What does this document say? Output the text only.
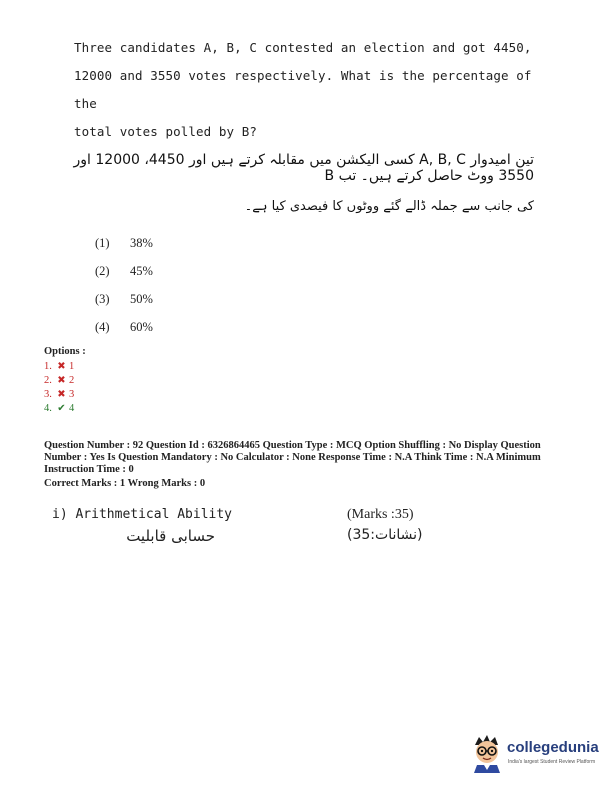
Three candidates A, B, C contested an election and got 4450,
12000 and 3550 votes respectively. What is the percentage of the
total votes polled by B?
تین امیدوار A, B, C کسی الیکشن میں مقابلہ کرتے ہیں اور 4450، 12000 اور 3550 ووٹ حاصل کرتے ہیں۔ تب B
کی جانب سے جملہ ڈالے گئے ووٹوں کا فیصدی کیا ہے۔
(1)	38%
(2)	45%
(3)	50%
(4)	60%
Options :
1. ✖ 1
2. ✖ 2
3. ✖ 3
4. ✔ 4

Question Number : 92 Question Id : 6326864465 Question Type : MCQ Option Shuffling : No Display Question Number : Yes Is Question Mandatory : No Calculator : None Response Time : N.A Think Time : N.A Minimum Instruction Time : 0

Correct Marks : 1 Wrong Marks : 0
i) Arithmetical Ability	(Marks :35)
حسابی قابلیت	(نشانات:35)
collegedunia
India's largest Student Review Platform
